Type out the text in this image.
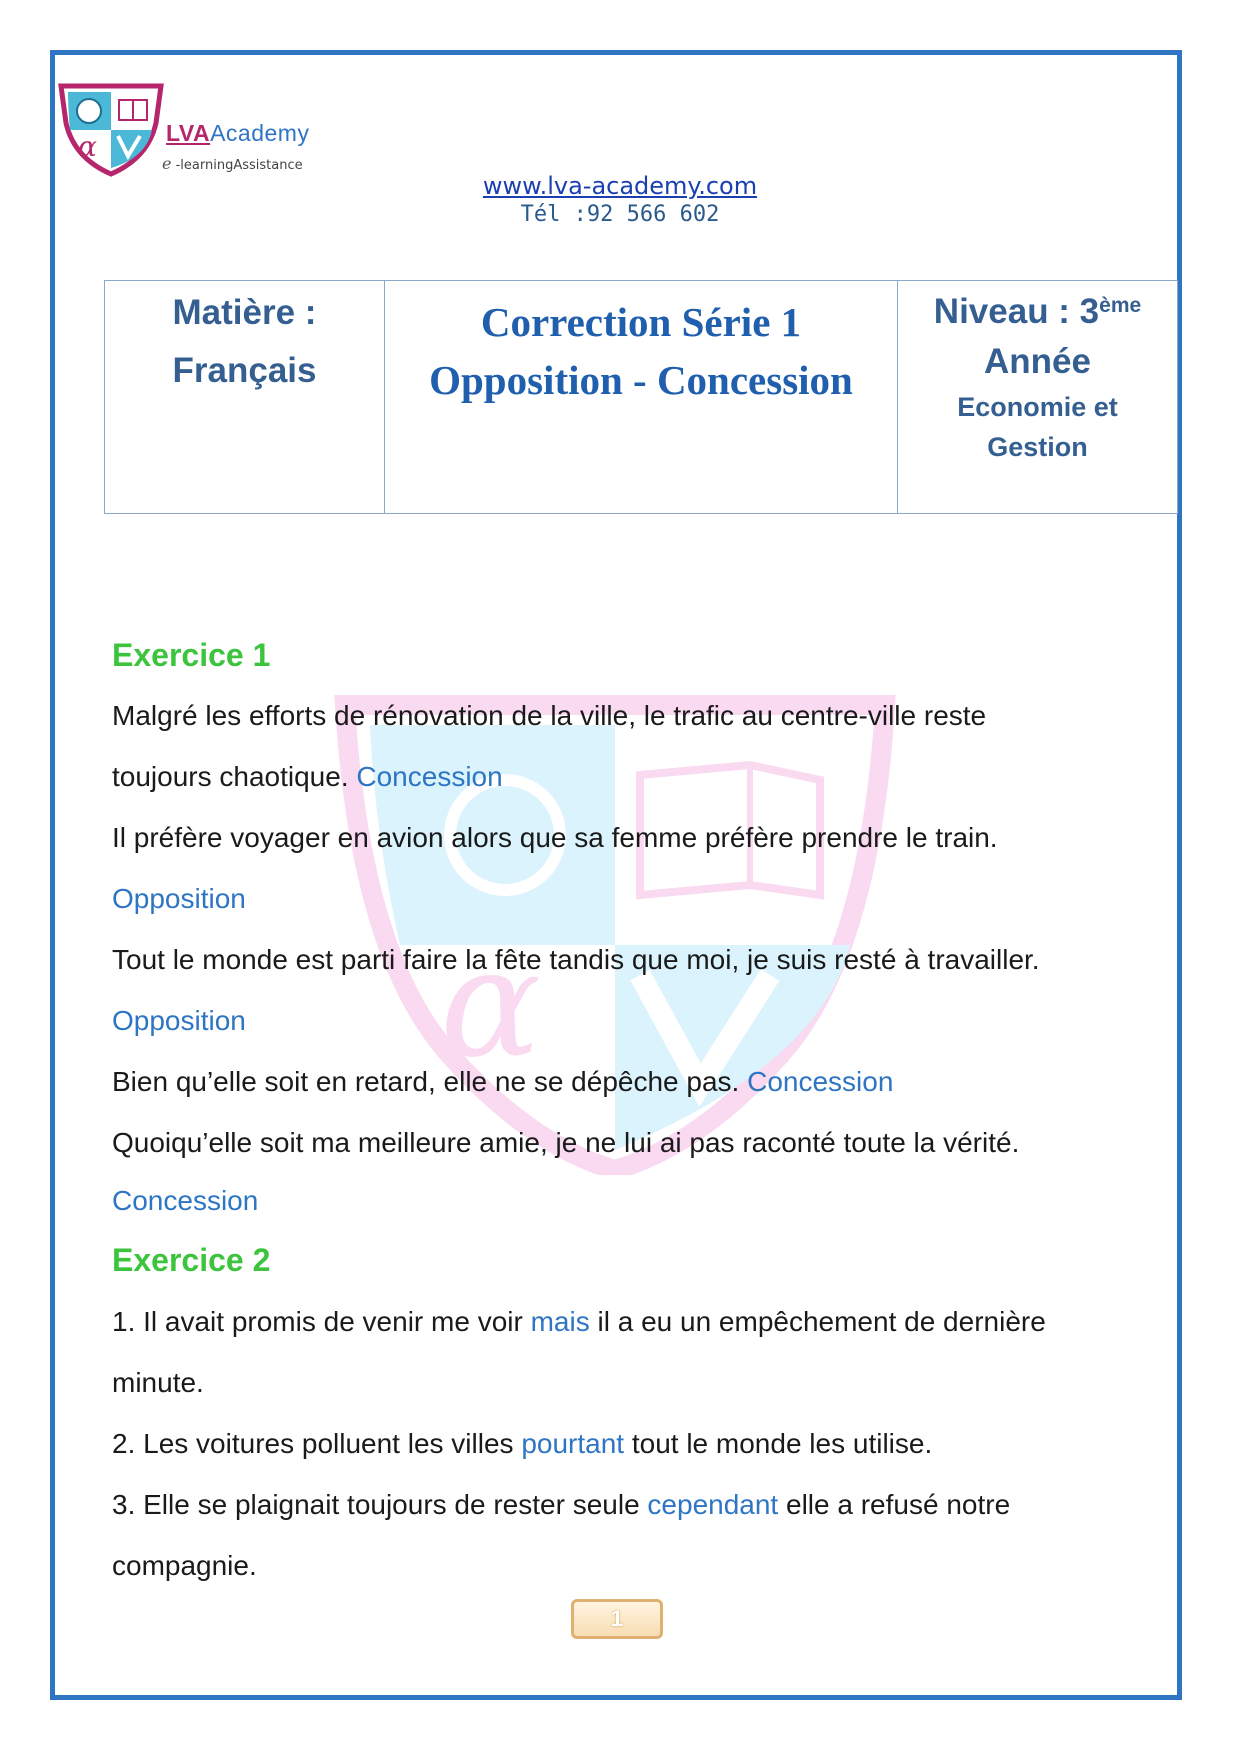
α	LVAAcademy
e -learningAssistance
www.lva-academy.com
Tél :92 566 602
Matière :
Français

Correction Série 1
Opposition - Concession

Niveau : 3ème
Année
Economie et
Gestion
α
Exercice 1
Malgré les efforts de rénovation de la ville, le trafic au centre-ville reste
toujours chaotique. Concession
Il préfère voyager en avion alors que sa femme préfère prendre le train.
Opposition
Tout le monde est parti faire la fête tandis que moi, je suis resté à travailler.
Opposition
Bien qu’elle soit en retard, elle ne se dépêche pas. Concession
Quoiqu’elle soit ma meilleure amie, je ne lui ai pas raconté toute la vérité.
Concession
Exercice 2
1. Il avait promis de venir me voir mais il a eu un empêchement de dernière
minute.
2. Les voitures polluent les villes pourtant tout le monde les utilise.
3. Elle se plaignait toujours de rester seule cependant elle a refusé notre
compagnie.
1
